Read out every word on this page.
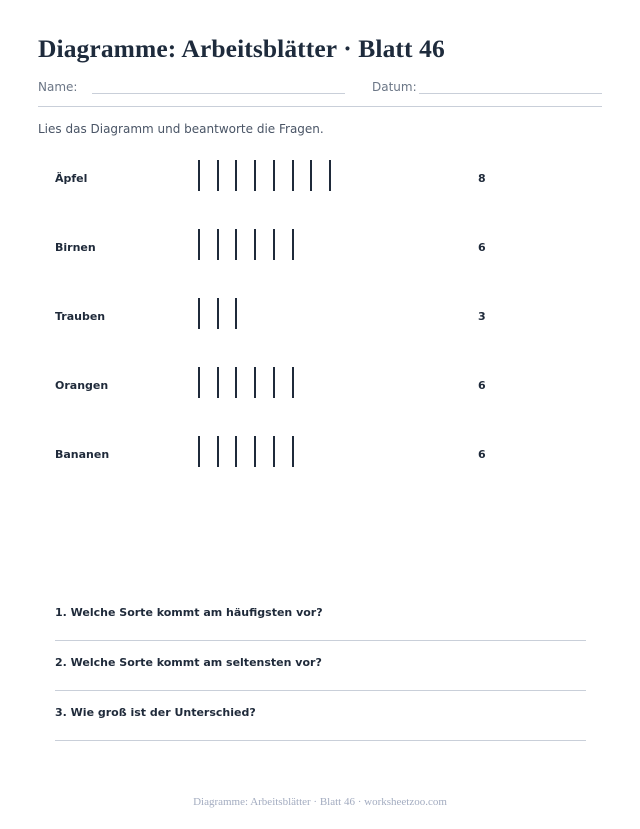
Diagramme: Arbeitsblätter · Blatt 46
Name:	Datum:
Lies das Diagramm und beantworte die Fragen.
Äpfel	8
Birnen	6
Trauben	3
Orangen	6
Bananen	6
1. Welche Sorte kommt am häufigsten vor?
2. Welche Sorte kommt am seltensten vor?
3. Wie groß ist der Unterschied?
Diagramme: Arbeitsblätter · Blatt 46 · worksheetzoo.com
